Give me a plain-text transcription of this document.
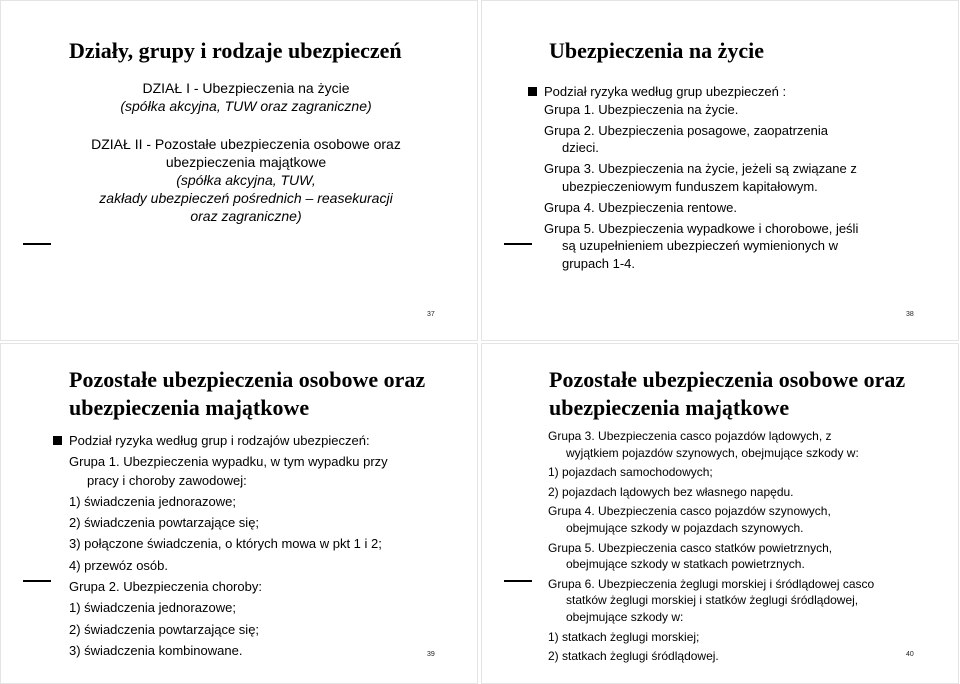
Działy, grupy i rodzaje ubezpieczeń

DZIAŁ I - Ubezpieczenia na życie

(spółka akcyjna, TUW oraz zagraniczne)

DZIAŁ II - Pozostałe ubezpieczenia osobowe oraz

ubezpieczenia majątkowe

(spółka akcyjna, TUW,

zakłady ubezpieczeń pośrednich – reasekuracji

oraz zagraniczne)

37
Ubezpieczenia na życie

Podział ryzyka według grup ubezpieczeń :

Grupa 1. Ubezpieczenia na życie.

Grupa 2. Ubezpieczenia posagowe, zaopatrzenia

dzieci.

Grupa 3. Ubezpieczenia na życie, jeżeli są związane z

ubezpieczeniowym funduszem kapitałowym.

Grupa 4. Ubezpieczenia rentowe.

Grupa 5. Ubezpieczenia wypadkowe i chorobowe, jeśli

są uzupełnieniem ubezpieczeń wymienionych w

grupach 1-4.

38
Pozostałe ubezpieczenia osobowe oraz
ubezpieczenia majątkowe

Podział ryzyka według grup i rodzajów ubezpieczeń:

Grupa 1. Ubezpieczenia wypadku, w tym wypadku przy

pracy i choroby zawodowej:

1) świadczenia jednorazowe;

2) świadczenia powtarzające się;

3) połączone świadczenia, o których mowa w pkt 1 i 2;

4) przewóz osób.

Grupa 2. Ubezpieczenia choroby:

1) świadczenia jednorazowe;

2) świadczenia powtarzające się;

3) świadczenia kombinowane.	39
Pozostałe ubezpieczenia osobowe oraz
ubezpieczenia majątkowe

Grupa 3. Ubezpieczenia casco pojazdów lądowych, z

wyjątkiem pojazdów szynowych, obejmujące szkody w:

1) pojazdach samochodowych;

2) pojazdach lądowych bez własnego napędu.

Grupa 4. Ubezpieczenia casco pojazdów szynowych,

obejmujące szkody w pojazdach szynowych.

Grupa 5. Ubezpieczenia casco statków powietrznych,

obejmujące szkody w statkach powietrznych.

Grupa 6. Ubezpieczenia żeglugi morskiej i śródlądowej casco

statków żeglugi morskiej i statków żeglugi śródlądowej,

obejmujące szkody w:

1) statkach żeglugi morskiej;

2) statkach żeglugi śródlądowej.	40
